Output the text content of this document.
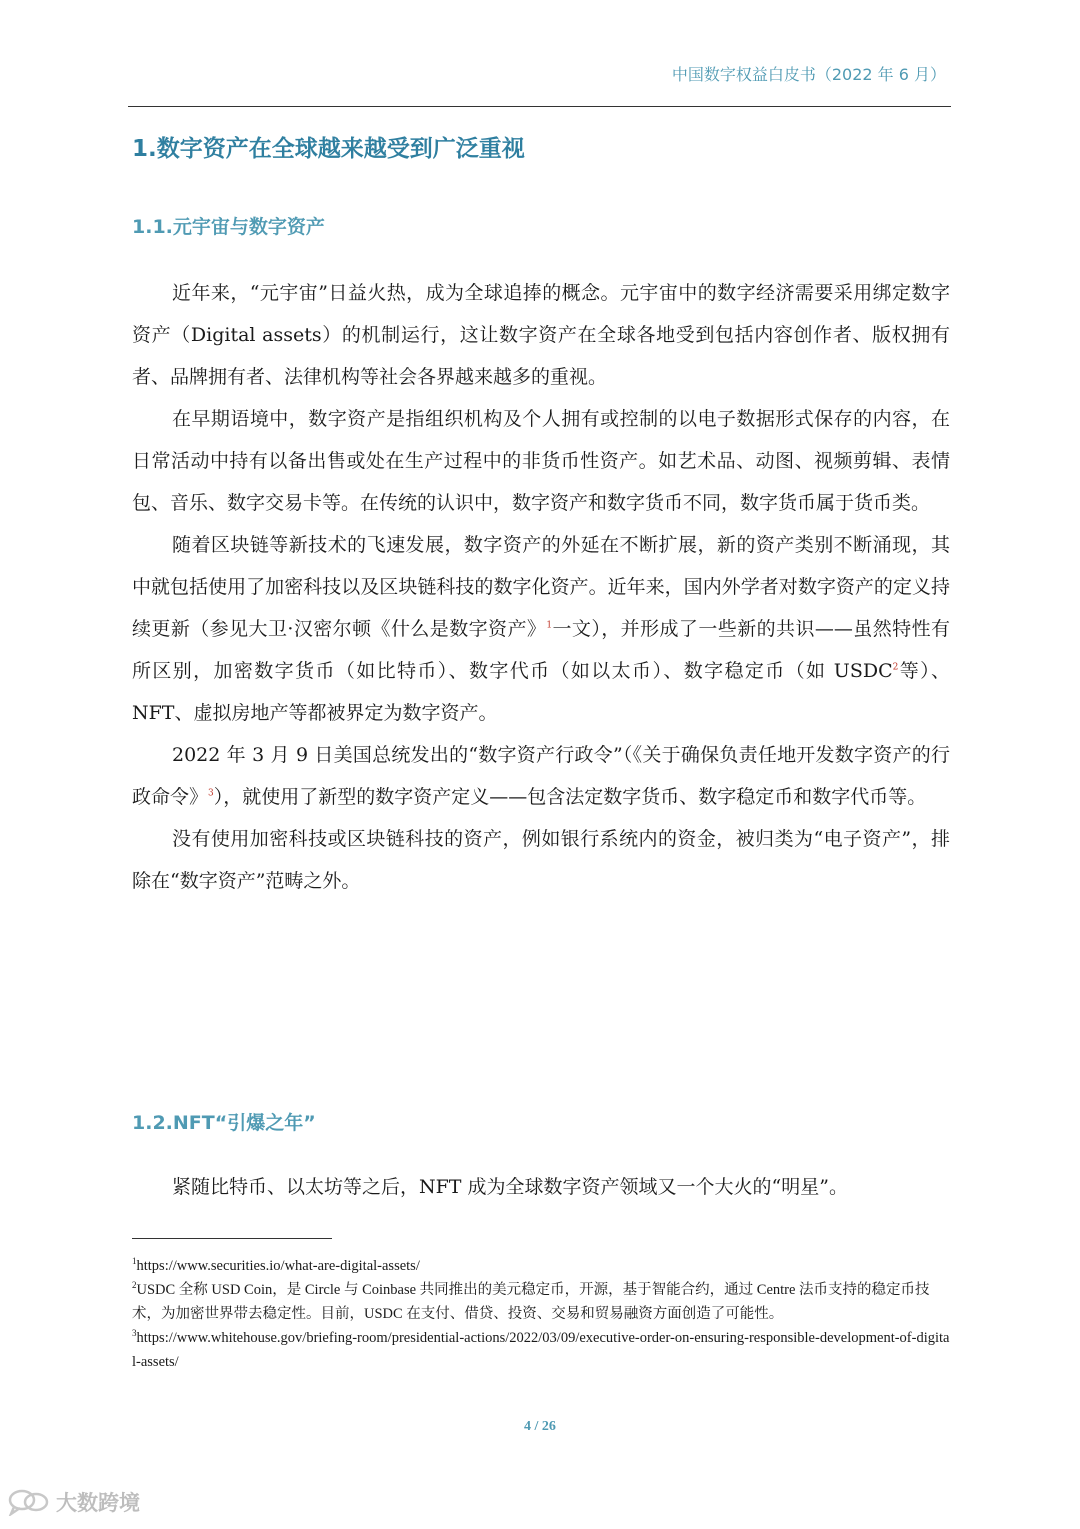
中国数字权益白皮书（2022 年 6 月）
1.数字资产在全球越来越受到广泛重视
1.1.元宇宙与数字资产

近年来，“元宇宙”日益火热，成为全球追捧的概念。元宇宙中的数字经济需要采用绑定数字资产（Digital assets）的机制运行，这让数字资产在全球各地受到包括内容创作者、版权拥有者、品牌拥有者、法律机构等社会各界越来越多的重视。

在早期语境中，数字资产是指组织机构及个人拥有或控制的以电子数据形式保存的内容，在日常活动中持有以备出售或处在生产过程中的非货币性资产。如艺术品、动图、视频剪辑、表情包、音乐、数字交易卡等。在传统的认识中，数字资产和数字货币不同，数字货币属于货币类。

随着区块链等新技术的飞速发展，数字资产的外延在不断扩展，新的资产类别不断涌现，其中就包括使用了加密科技以及区块链科技的数字化资产。近年来，国内外学者对数字资产的定义持续更新（参见大卫·汉密尔顿《什么是数字资产》$^1$一文），并形成了一些新的共识——虽然特性有所区别，加密数字货币（如比特币）、数字代币（如以太币）、数字稳定币（如 USDC$^2$等）、NFT、虚拟房地产等都被界定为数字资产。

2022 年 3 月 9 日美国总统发出的“数字资产行政令”（《关于确保负责任地开发数字资产的行政命令》$^3$），就使用了新型的数字资产定义——包含法定数字货币、数字稳定币和数字代币等。

没有使用加密科技或区块链科技的资产，例如银行系统内的资金，被归类为“电子资产”，排除在“数字资产”范畴之外。

1.2.NFT“引爆之年”

紧随比特币、以太坊等之后，NFT 成为全球数字资产领域又一个大火的“明星”。

$^1$https://www.securities.io/what-are-digital-assets/

$^2$USDC 全称 USD Coin，是 Circle 与 Coinbase 共同推出的美元稳定币，开源，基于智能合约，通过 Centre 法币支持的稳定币技术，为加密世界带去稳定性。目前，USDC 在支付、借贷、投资、交易和贸易融资方面创造了可能性。

$^3$https://www.whitehouse.gov/briefing-room/presidential-actions/2022/03/09/executive-order-on-ensuring-responsible-development-of-digital-assets/

4 / 26
大数跨境
